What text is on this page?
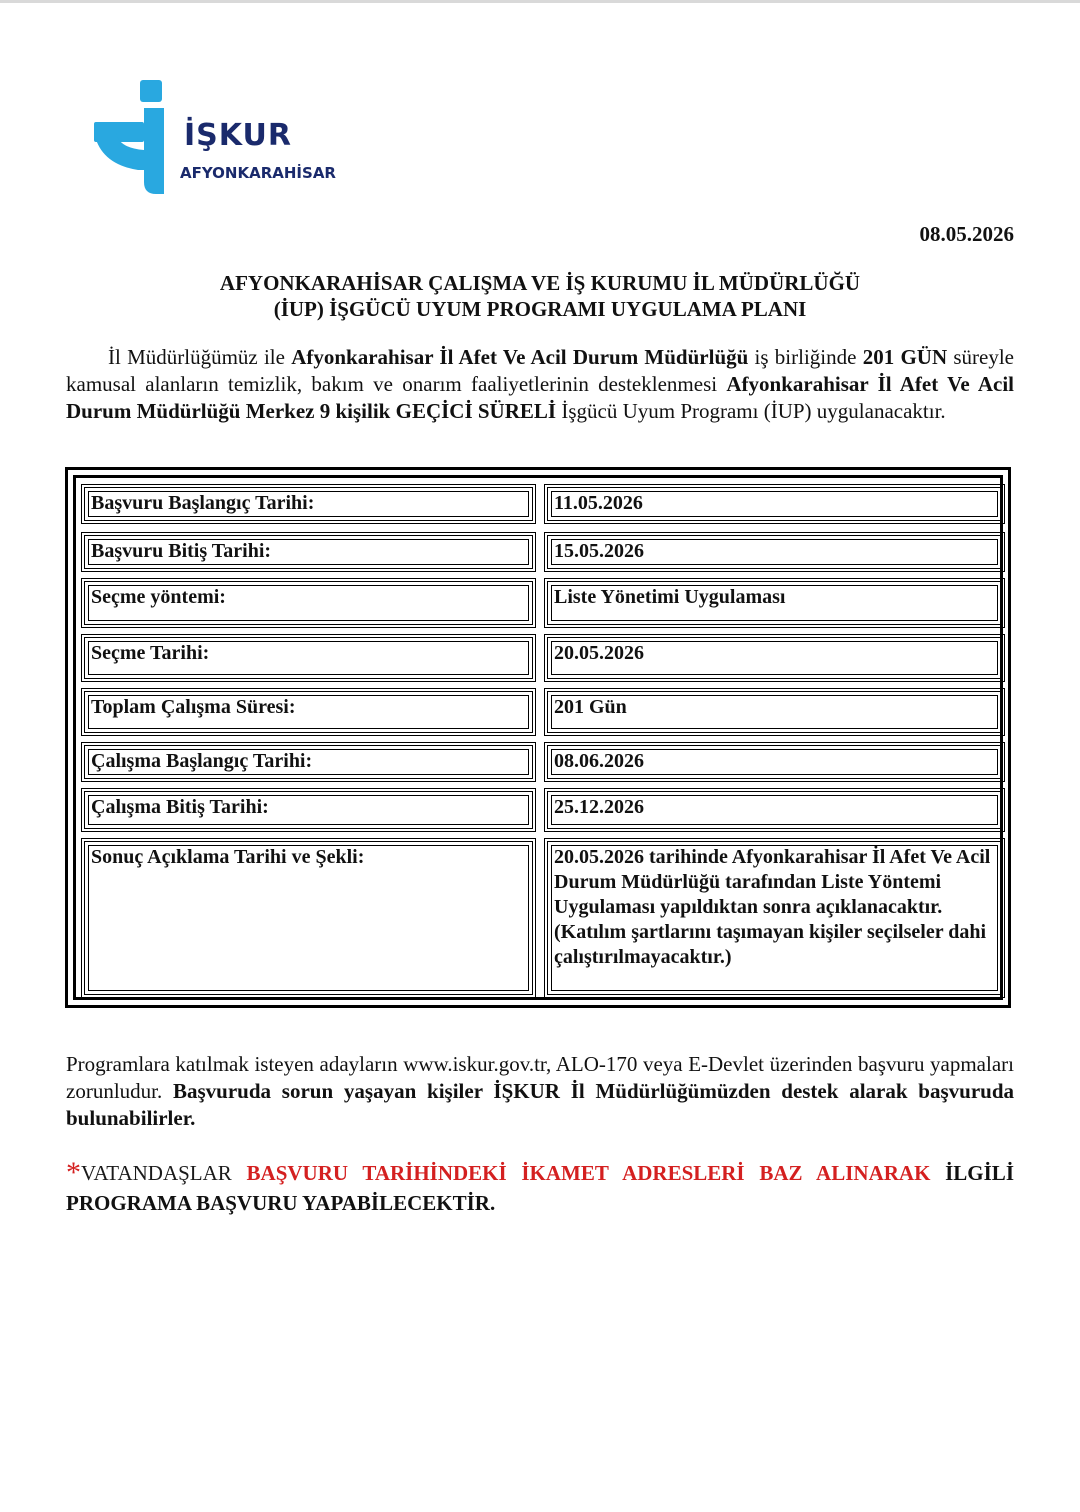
İŞKUR
AFYONKARAHİSAR
08.05.2026
AFYONKARAHİSAR ÇALIŞMA VE İŞ KURUMU İL MÜDÜRLÜĞÜ
(İUP) İŞGÜCÜ UYUM PROGRAMI UYGULAMA PLANI
İl Müdürlüğümüz ile Afyonkarahisar İl Afet Ve Acil Durum Müdürlüğü iş birliğinde 201 GÜN süreyle kamusal alanların temizlik, bakım ve onarım faaliyetlerinin desteklenmesi Afyonkarahisar İl Afet Ve Acil Durum Müdürlüğü Merkez 9 kişilik GEÇİCİ SÜRELİ İşgücü Uyum Programı (İUP) uygulanacaktır.
Başvuru Başlangıç Tarihi:	11.05.2026
Başvuru Bitiş Tarihi:	15.05.2026
Seçme yöntemi:	Liste Yönetimi Uygulaması
Seçme Tarihi:	20.05.2026
Toplam Çalışma Süresi:	201 Gün
Çalışma Başlangıç Tarihi:	08.06.2026
Çalışma Bitiş Tarihi:	25.12.2026
Sonuç Açıklama Tarihi ve Şekli:	20.05.2026 tarihinde Afyonkarahisar İl Afet Ve Acil Durum Müdürlüğü tarafından Liste Yöntemi Uygulaması yapıldıktan sonra açıklanacaktır.
(Katılım şartlarını taşımayan kişiler seçilseler dahi çalıştırılmayacaktır.)
Programlara katılmak isteyen adayların www.iskur.gov.tr, ALO-170 veya E-Devlet üzerinden başvuru yapmaları zorunludur. Başvuruda sorun yaşayan kişiler İŞKUR İl Müdürlüğümüzden destek alarak başvuruda bulunabilirler.
*VATANDAŞLAR BAŞVURU TARİHİNDEKİ İKAMET ADRESLERİ BAZ ALINARAK İLGİLİ PROGRAMA BAŞVURU YAPABİLECEKTİR.
